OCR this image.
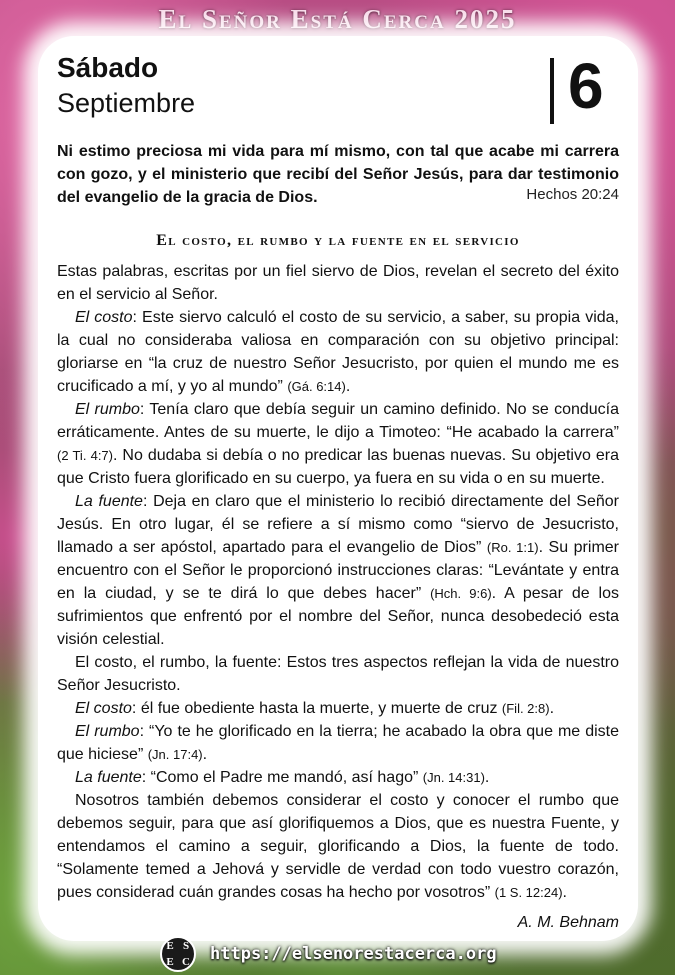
El Señor Está Cerca 2025
Sábado
Septiembre	6
Ni estimo preciosa mi vida para mí mismo, con tal que acabe mi carrera con gozo, y el ministerio que recibí del Señor Jesús, para dar testimonio del evangelio de la gracia de Dios.	Hechos 20:24
El costo, el rumbo y la fuente en el servicio

Estas palabras, escritas por un fiel siervo de Dios, revelan el secreto del éxito en el servicio al Señor.

El costo: Este siervo calculó el costo de su servicio, a saber, su propia vida, la cual no consideraba valiosa en comparación con su objetivo principal: gloriarse en “la cruz de nuestro Señor Jesucristo, por quien el mundo me es crucificado a mí, y yo al mundo” (Gá. 6:14).

El rumbo: Tenía claro que debía seguir un camino definido. No se conducía erráticamente. Antes de su muerte, le dijo a Timoteo: “He acabado la carrera” (2 Ti. 4:7). No dudaba si debía o no predicar las buenas nuevas. Su objetivo era que Cristo fuera glorificado en su cuerpo, ya fuera en su vida o en su muerte.

La fuente: Deja en claro que el ministerio lo recibió directamente del Señor Jesús. En otro lugar, él se refiere a sí mismo como “siervo de Jesucristo, llamado a ser apóstol, apartado para el evangelio de Dios” (Ro. 1:1). Su primer encuentro con el Señor le proporcionó instrucciones claras: “Levántate y entra en la ciudad, y se te dirá lo que debes hacer” (Hch. 9:6). A pesar de los sufrimientos que enfrentó por el nombre del Señor, nunca desobedeció esta visión celestial.

El costo, el rumbo, la fuente: Estos tres aspectos reflejan la vida de nuestro Señor Jesucristo.

El costo: él fue obediente hasta la muerte, y muerte de cruz (Fil. 2:8).

El rumbo: “Yo te he glorificado en la tierra; he acabado la obra que me diste que hiciese” (Jn. 17:4).

La fuente: “Como el Padre me mandó, así hago” (Jn. 14:31).

Nosotros también debemos considerar el costo y conocer el rumbo que debemos seguir, para que así glorifiquemos a Dios, que es nuestra Fuente, y entendamos el camino a seguir, glorificando a Dios, la fuente de todo. “Solamente temed a Jehová y servidle de verdad con todo vuestro corazón, pues considerad cuán grandes cosas ha hecho por vosotros” (1 S. 12:24).

A. M. Behnam
E S
E C https://elsenorestacerca.org
